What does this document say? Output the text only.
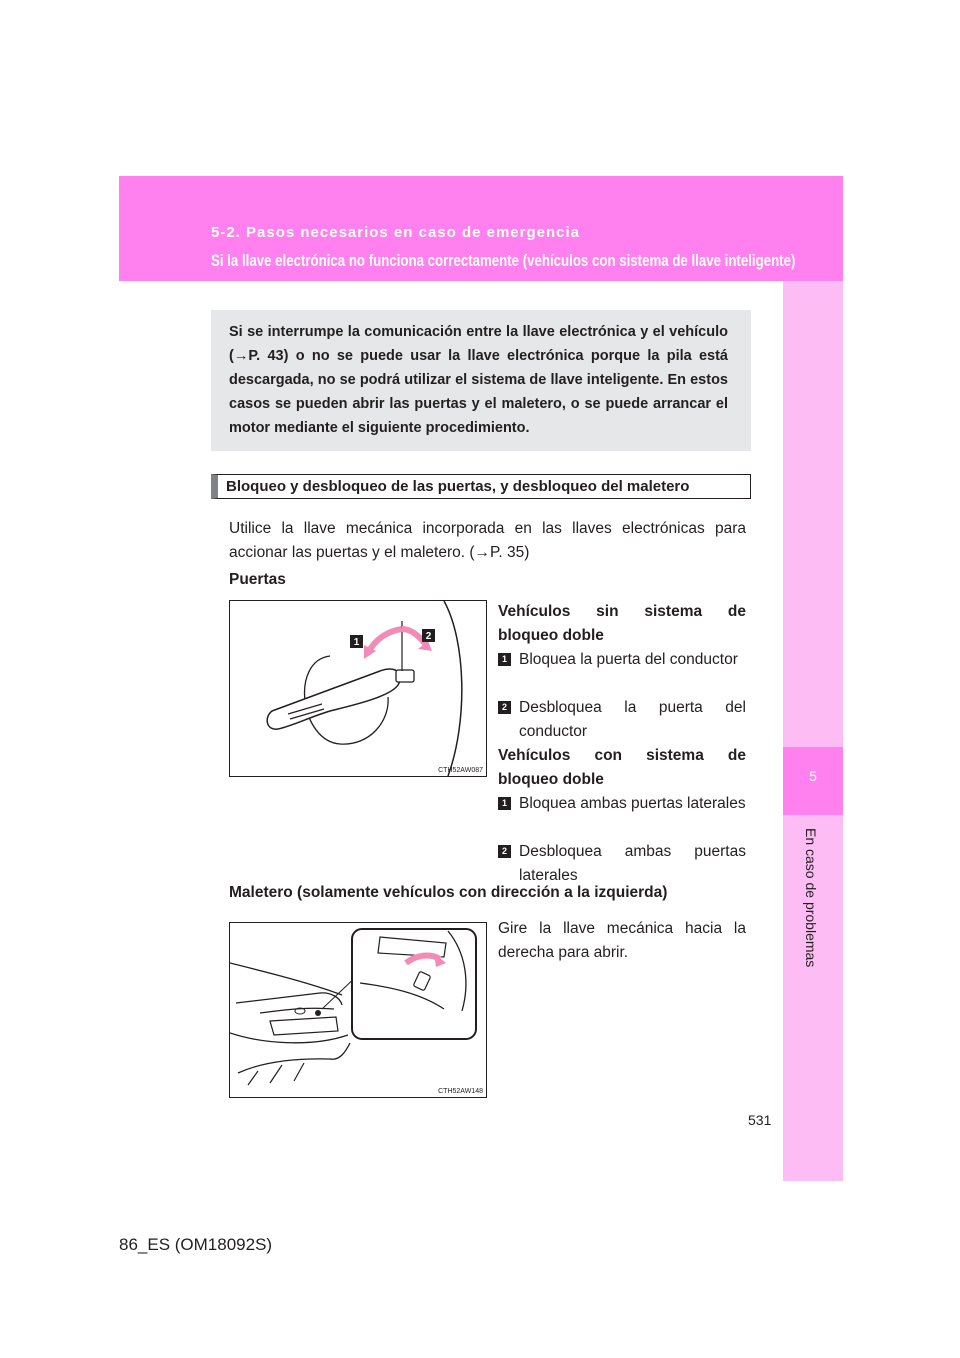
5-2. Pasos necesarios en caso de emergencia
Si la llave electrónica no funciona correctamente (vehículos con sistema de llave inteligente)
5
En caso de problemas
Si se interrumpe la comunicación entre la llave electrónica y el vehículo (→P. 43) o no se puede usar la llave electrónica porque la pila está descargada, no se podrá utilizar el sistema de llave inteligente. En estos casos se pueden abrir las puertas y el maletero, o se puede arrancar el motor mediante el siguiente procedimiento.
Bloqueo y desbloqueo de las puertas, y desbloqueo del maletero
Utilice la llave mecánica incorporada en las llaves electrónicas para accionar las puertas y el maletero. (→P. 35)
Puertas
1
2
CTH52AW087
Vehículos sin sistema de bloqueo doble
1 Bloquea la puerta del conductor
2 Desbloquea la puerta del conductor
Vehículos con sistema de bloqueo doble
1 Bloquea ambas puertas laterales
2 Desbloquea ambas puertas laterales
Maletero (solamente vehículos con dirección a la izquierda)
CTH52AW148
Gire la llave mecánica hacia la derecha para abrir.
531
86_ES (OM18092S)
